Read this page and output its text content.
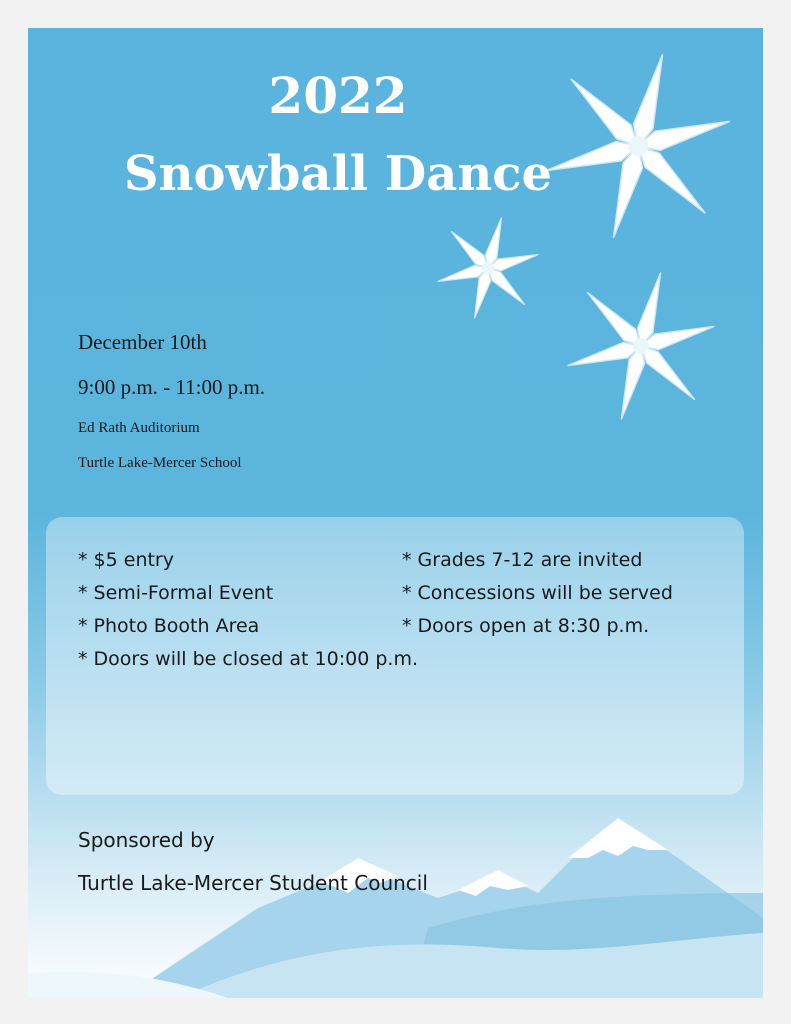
2022
Snowball Dance
December 10th
9:00 p.m. - 11:00 p.m.
Ed Rath Auditorium
Turtle Lake-Mercer School
* $5 entry
* Semi-Formal Event
* Photo Booth Area
* Doors will be closed at 10:00 p.m.
* Grades 7-12 are invited
* Concessions will be served
* Doors open at 8:30 p.m.
Sponsored by
Turtle Lake-Mercer Student Council
